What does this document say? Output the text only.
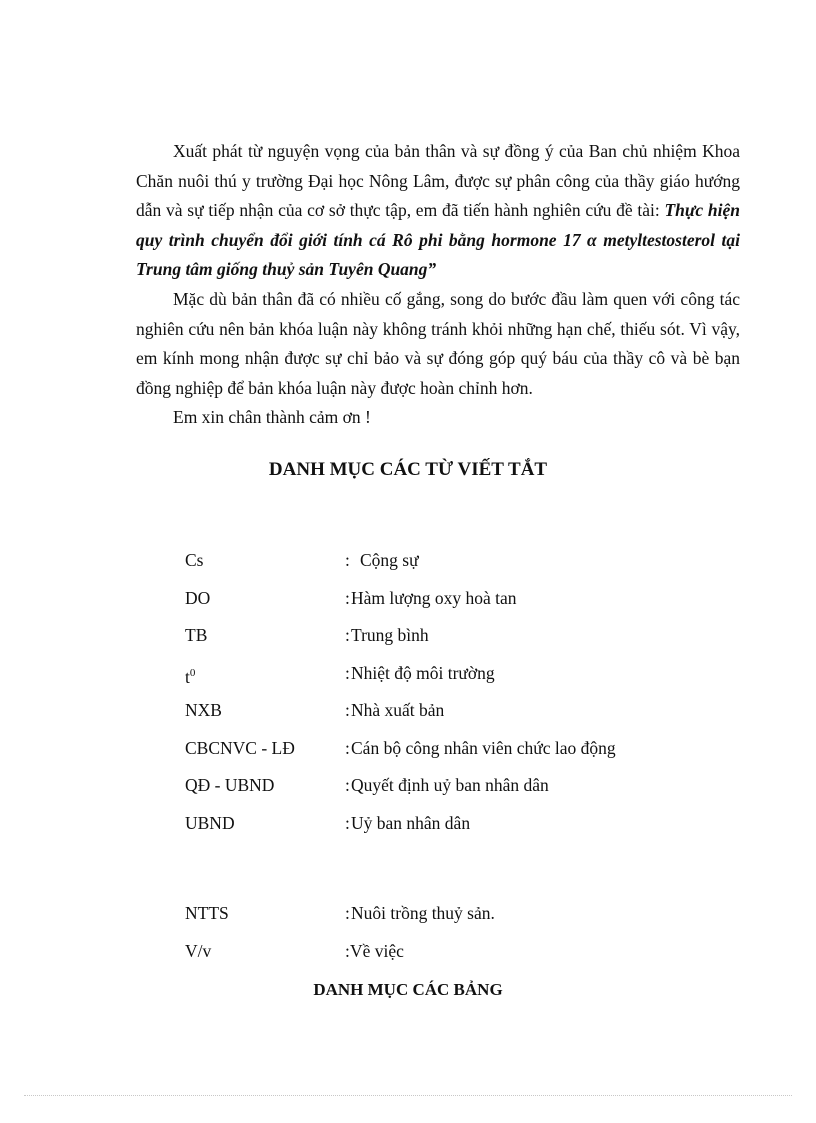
Xuất phát từ nguyện vọng của bản thân và sự đồng ý của Ban chủ nhiệm Khoa Chăn nuôi thú y trường Đại học Nông Lâm, được sự phân công của thầy giáo hướng dẫn và sự tiếp nhận của cơ sở thực tập, em đã tiến hành nghiên cứu đề tài: Thực hiện quy trình chuyển đổi giới tính cá Rô phi bằng hormone 17 α metyltestosterol tại Trung tâm giống thuỷ sản Tuyên Quang”

Mặc dù bản thân đã có nhiều cố gắng, song do bước đầu làm quen với công tác nghiên cứu nên bản khóa luận này không tránh khỏi những hạn chế, thiếu sót. Vì vậy, em kính mong nhận được sự chỉ bảo và sự đóng góp quý báu của thầy cô và bè bạn đồng nghiệp để bản khóa luận này được hoàn chỉnh hơn.

Em xin chân thành cảm ơn !

DANH MỤC CÁC TỪ VIẾT TẮT
Cs	: Cộng sự
DO	: Hàm lượng oxy hoà tan
TB	: Trung bình
$t^0$	: Nhiệt độ môi trường
NXB	: Nhà xuất bản
CBCNVC - LĐ	: Cán bộ công nhân viên chức lao động
QĐ - UBND	: Quyết định uỷ ban nhân dân
UBND	: Uỷ ban nhân dân
NTTS	: Nuôi trồng thuỷ sản.
V/v	: Về việc
DANH MỤC CÁC BẢNG
